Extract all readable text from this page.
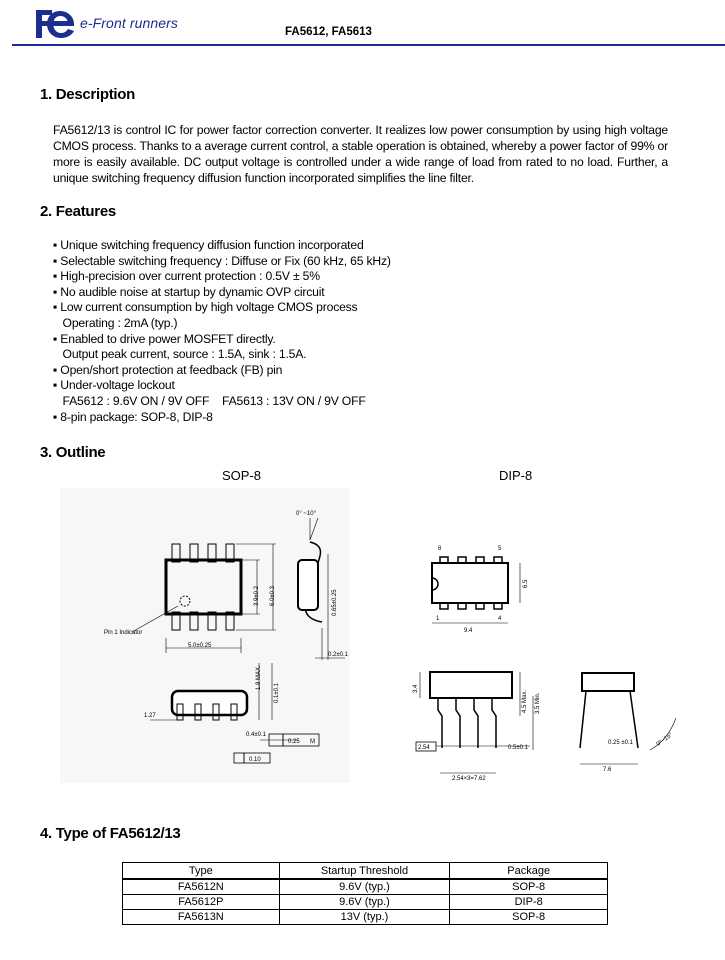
e-Front runners
FA5612, FA5613
1. Description
FA5612/13 is control IC for power factor correction converter. It realizes low power consumption by using high voltage CMOS process. Thanks to a average current control, a stable operation is obtained, whereby a power factor of 99% or more is easily available. DC output voltage is controlled under a wide range of load from rated to no load. Further, a unique switching frequency diffusion function incorporated simplifies the line filter.
2. Features
▪ Unique switching frequency diffusion function incorporated
▪ Selectable switching frequency : Diffuse or Fix (60 kHz, 65 kHz)
▪ High-precision over current protection : 0.5V ± 5%
▪ No audible noise at startup by dynamic OVP circuit
▪ Low current consumption by high voltage CMOS process
Operating : 2mA (typ.)
▪ Enabled to drive power MOSFET directly.
Output peak current, source : 1.5A, sink : 1.5A.
▪ Open/short protection at feedback (FB) pin
▪ Under-voltage lockout
FA5612 : 9.6V ON / 9V OFF    FA5613 : 13V ON / 9V OFF
▪ 8-pin package: SOP-8, DIP-8
3. Outline
SOP-8	DIP-8
0° ~10°
5.0±0.25
Pin 1 Indicator
3.9±0.2 6.0±0.3	0.65±0.25
0.2±0.1
1.8 MAX.
0.1±0.1
1.27
0.4±0.1
0.25 M
0.10
8	5
1	4
9.4
6.5
3.4
4.5 Max. 3.5 Min.
2.54	0.5±0.1
2.54×3=7.62
0.25 ±0.1
7.6
0°~15°
4. Type of FA5612/13
Type	Startup Threshold	Package
FA5612N	9.6V (typ.)	SOP-8
FA5612P	9.6V (typ.)	DIP-8
FA5613N	13V (typ.)	SOP-8
